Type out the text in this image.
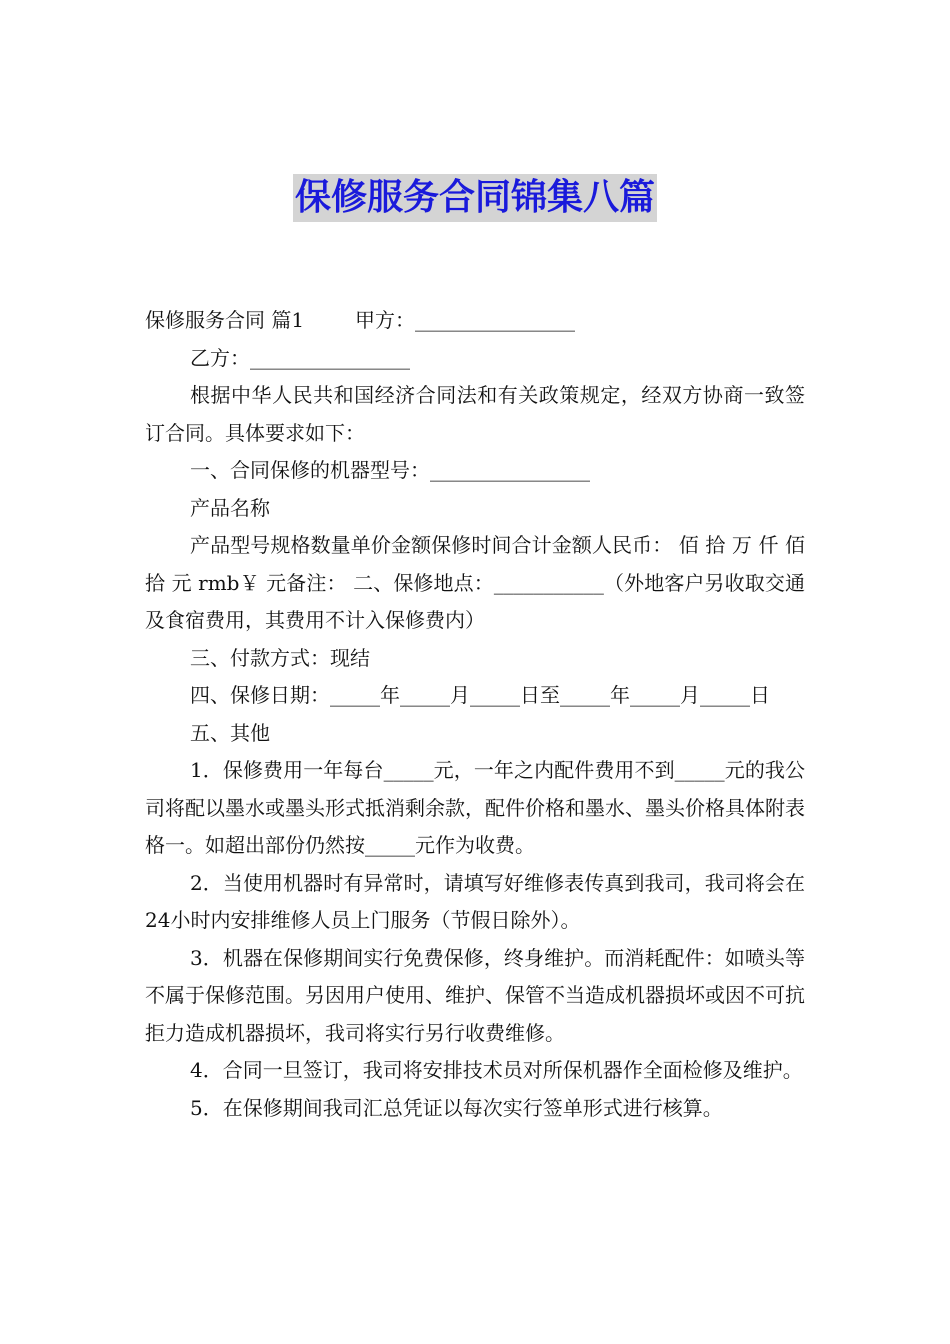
保修服务合同锦集八篇

保修服务合同 篇1	甲方：________________

乙方：________________

根据中华人民共和国经济合同法和有关政策规定，经双方协商一致签订合同。具体要求如下：

一、合同保修的机器型号：________________

产品名称

产品型号规格数量单价金额保修时间合计金额人民币： 佰 拾 万 仟 佰 拾 元 rmb￥ 元备注： 二、保修地点：___________（外地客户另收取交通及食宿费用，其费用不计入保修费内）

三、付款方式：现结

四、保修日期：_____年_____月_____日至_____年_____月_____日

五、其他

1．保修费用一年每台_____元，一年之内配件费用不到_____元的我公司将配以墨水或墨头形式抵消剩余款，配件价格和墨水、墨头价格具体附表格一。如超出部份仍然按_____元作为收费。

2．当使用机器时有异常时，请填写好维修表传真到我司，我司将会在24小时内安排维修人员上门服务（节假日除外）。

3．机器在保修期间实行免费保修，终身维护。而消耗配件：如喷头等不属于保修范围。另因用户使用、维护、保管不当造成机器损坏或因不可抗拒力造成机器损坏，我司将实行另行收费维修。

4．合同一旦签订，我司将安排技术员对所保机器作全面检修及维护。

5．在保修期间我司汇总凭证以每次实行签单形式进行核算。
